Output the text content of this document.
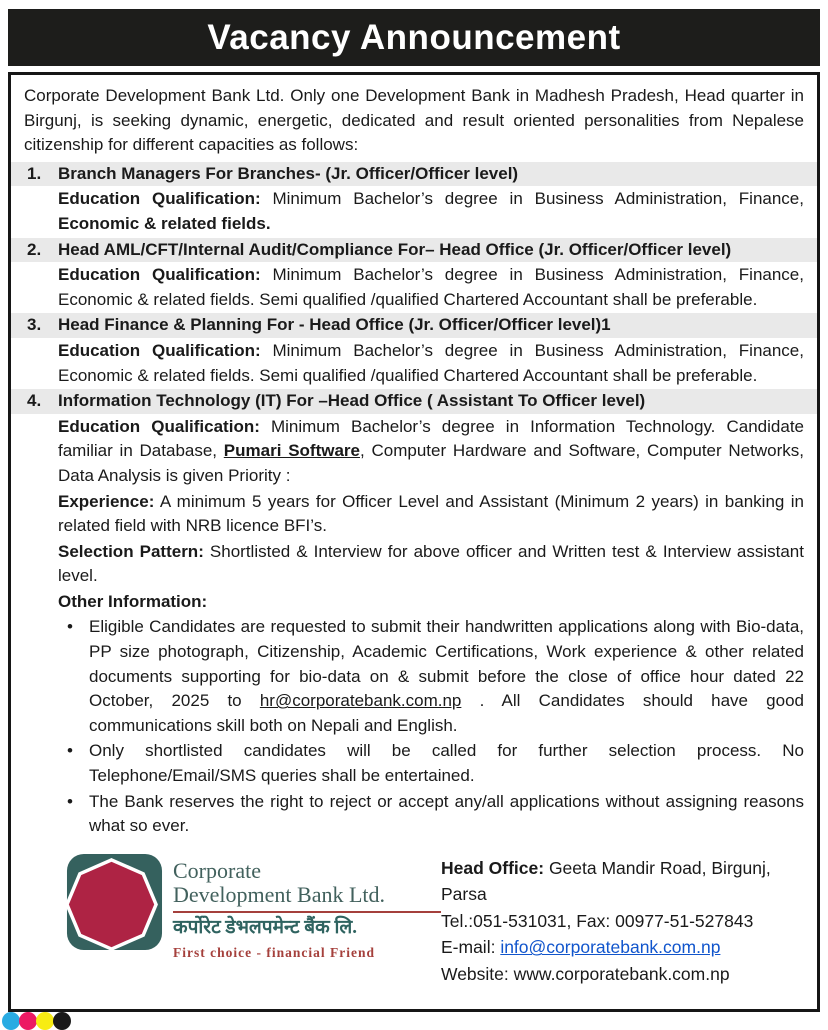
Vacancy Announcement

Corporate Development Bank Ltd. Only one Development Bank in Madhesh Pradesh, Head quarter in Birgunj, is seeking dynamic, energetic, dedicated and result oriented personalities from Nepalese citizenship for different capacities as follows:

1. Branch Managers For Branches- (Jr. Officer/Officer level)

Education Qualification: Minimum Bachelor’s degree in Business Administration, Finance, Economic & related fields.

2. Head AML/CFT/Internal Audit/Compliance For– Head Office (Jr. Officer/Officer level)

Education Qualification: Minimum Bachelor’s degree in Business Administration, Finance, Economic & related fields. Semi qualified /qualified Chartered Accountant shall be preferable.

3. Head Finance & Planning For - Head Office (Jr. Officer/Officer level)1

Education Qualification: Minimum Bachelor’s degree in Business Administration, Finance, Economic & related fields. Semi qualified /qualified Chartered Accountant shall be preferable.

4. Information Technology (IT) For –Head Office ( Assistant To Officer level)

Education Qualification: Minimum Bachelor’s degree in Information Technology. Candidate familiar in Database, Pumari Software, Computer Hardware and Software, Computer Networks, Data Analysis is given Priority :

Experience: A minimum 5 years for Officer Level and Assistant (Minimum 2 years) in banking in related field with NRB licence BFI’s.

Selection Pattern: Shortlisted & Interview for above officer and Written test & Interview assistant level.

Other Information:

• Eligible Candidates are requested to submit their handwritten applications along with Bio-data, PP size photograph, Citizenship, Academic Certifications, Work experience & other related documents supporting for bio-data on & submit before the close of office hour dated 22 October, 2025 to hr@corporatebank.com.np . All Candidates should have good communications skill both on Nepali and English.
• Only shortlisted candidates will be called for further selection process. No Telephone/Email/SMS queries shall be entertained.
• The Bank reserves the right to reject or accept any/all applications without assigning reasons what so ever.
Corporate
Development Bank Ltd.
कर्पोरेट डेभलपमेन्ट बैंक लि.
First choice - financial Friend
Head Office: Geeta Mandir Road, Birgunj, Parsa
Tel.:051-531031, Fax: 00977-51-527843
E-mail: info@corporatebank.com.np
Website: www.corporatebank.com.np
